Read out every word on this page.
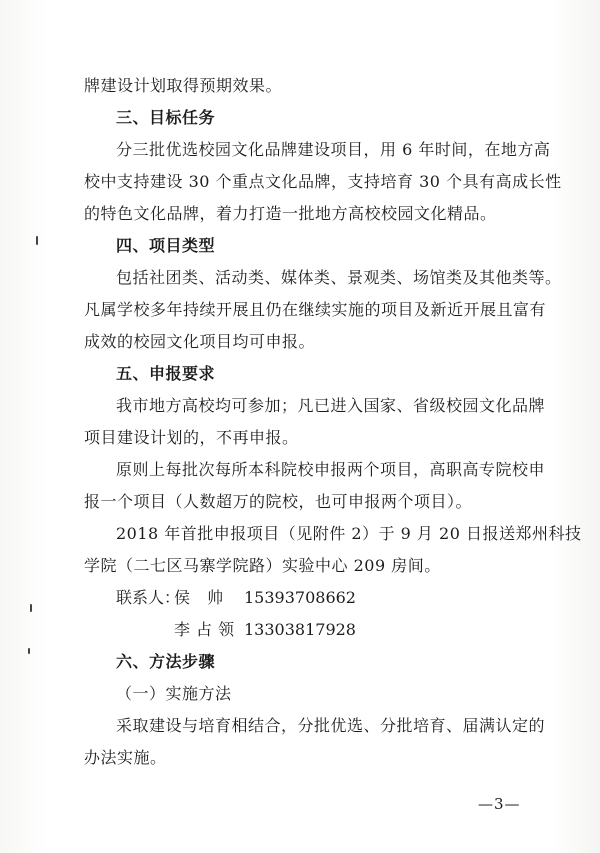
牌建设计划取得预期效果。
三、目标任务
分三批优选校园文化品牌建设项目，用 6 年时间，在地方高
校中支持建设 30 个重点文化品牌，支持培育 30 个具有高成长性
的特色文化品牌，着力打造一批地方高校校园文化精品。
四、项目类型
包括社团类、活动类、媒体类、景观类、场馆类及其他类等。
凡属学校多年持续开展且仍在继续实施的项目及新近开展且富有
成效的校园文化项目均可申报。
五、申报要求
我市地方高校均可参加；凡已进入国家、省级校园文化品牌
项目建设计划的，不再申报。
原则上每批次每所本科院校申报两个项目，高职高专院校申
报一个项目（人数超万的院校，也可申报两个项目）。
2018 年首批申报项目（见附件 2）于 9 月 20 日报送郑州科技
学院（二七区马寨学院路）实验中心 209 房间。
联系人：
侯 帅 15393708662
李占领 13303817928
六、方法步骤
（一）实施方法
采取建设与培育相结合，分批优选、分批培育、届满认定的
办法实施。
—3—
